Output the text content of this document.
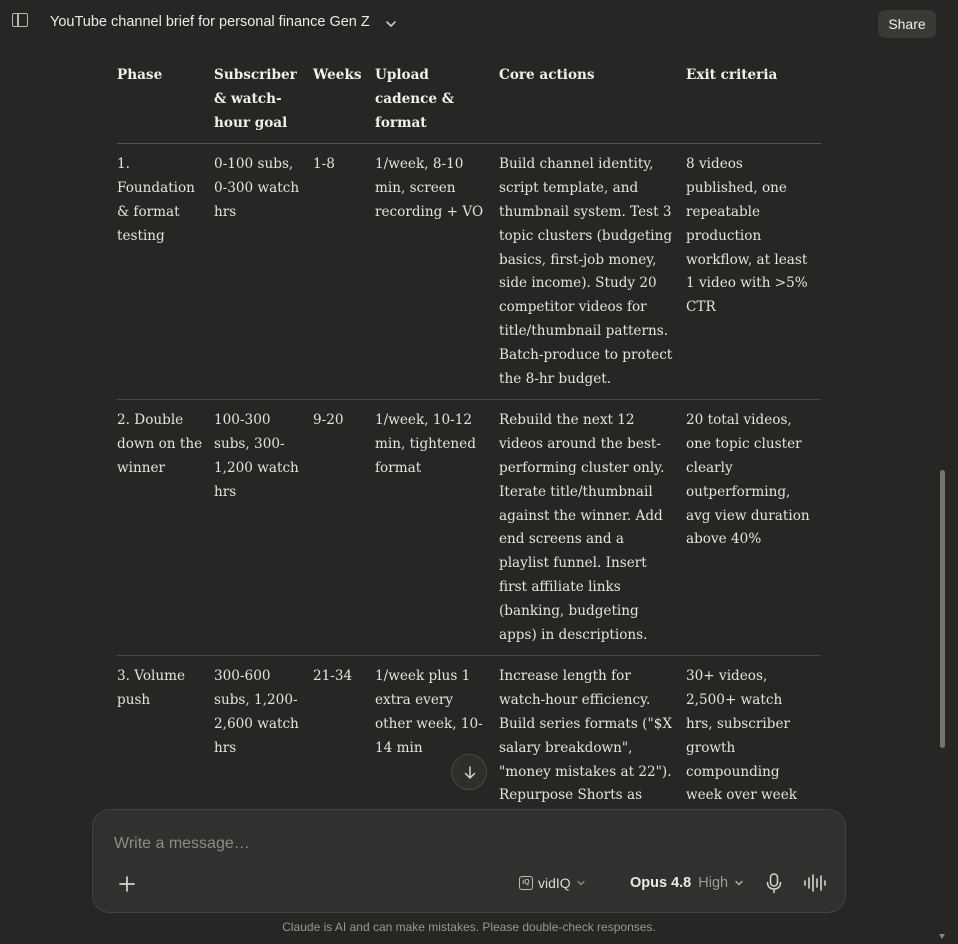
YouTube channel brief for personal finance Gen Z	Share
Phase	Subscriber & watch-hour goal	Weeks	Upload cadence & format	Core actions	Exit criteria
1. Foundation & format testing	0-100 subs, 0-300 watch hrs	1-8	1/week, 8-10 min, screen recording + VO	Build channel identity, script template, and thumbnail system. Test 3 topic clusters (budgeting basics, first-job money, side income). Study 20 competitor videos for title/thumbnail patterns. Batch-produce to protect the 8-hr budget.	8 videos published, one repeatable production workflow, at least 1 video with >5% CTR
2. Double down on the winner	100-300 subs, 300-1,200 watch hrs	9-20	1/week, 10-12 min, tightened format	Rebuild the next 12 videos around the best-performing cluster only. Iterate title/thumbnail against the winner. Add end screens and a playlist funnel. Insert first affiliate links (banking, budgeting apps) in descriptions.	20 total videos, one topic cluster clearly outperforming, avg view duration above 40%
3. Volume push	300-600 subs, 1,200-2,600 watch hrs	21-34	1/week plus 1 extra every other week, 10-14 min	Increase length for watch-hour efficiency. Build series formats ("$X salary breakdown", "money mistakes at 22"). Repurpose Shorts as	30+ videos, 2,500+ watch hrs, subscriber growth compounding week over week
Write a message…
iQ vidIQ	Opus 4.8 High
Claude is AI and can make mistakes. Please double-check responses.
